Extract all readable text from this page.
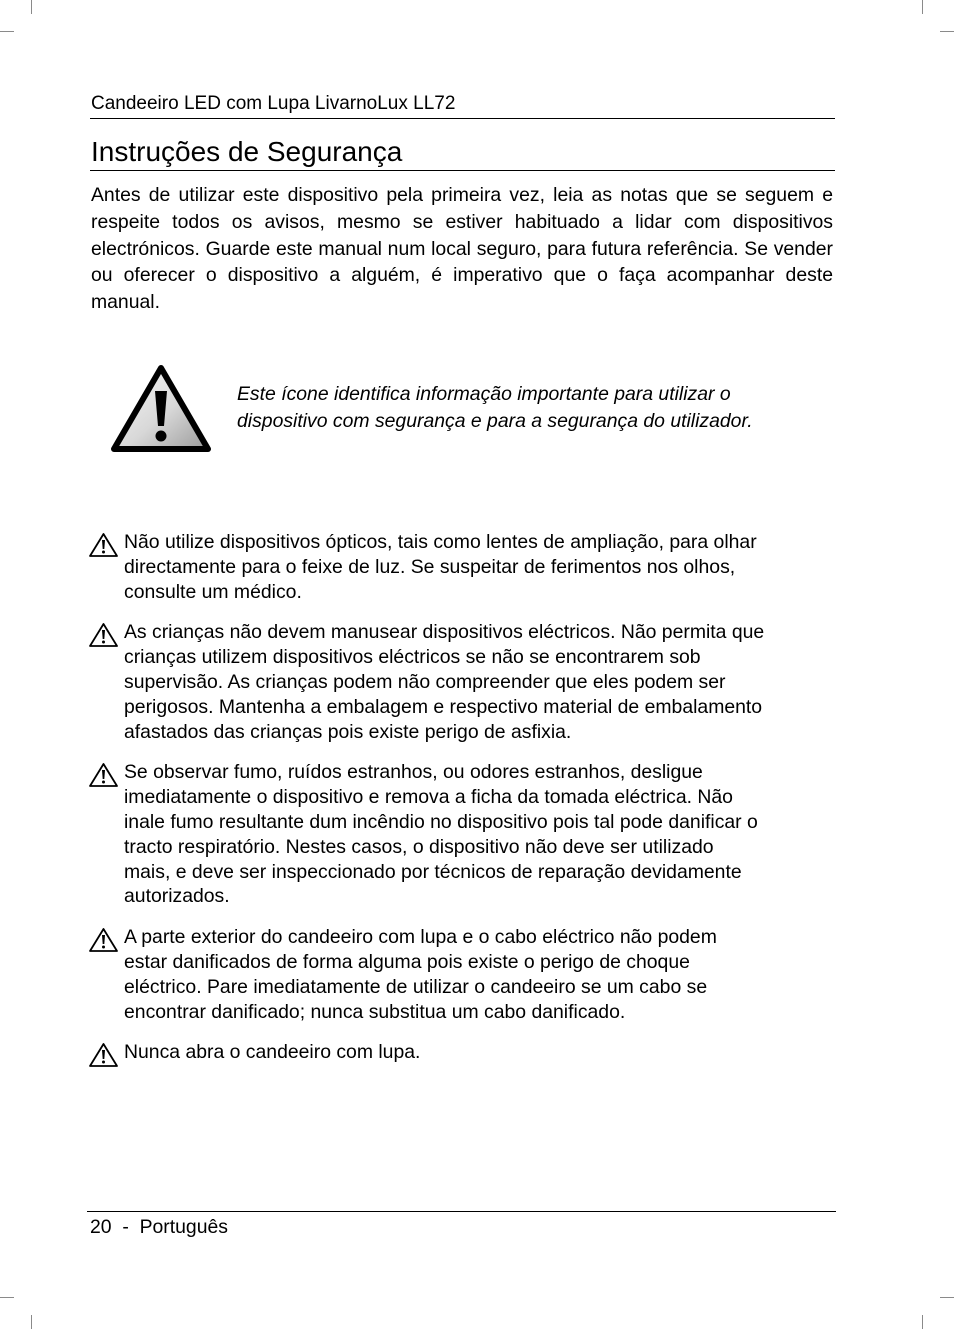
Candeeiro LED com Lupa LivarnoLux LL72
Instruções de Segurança

Antes de utilizar este dispositivo pela primeira vez, leia as notas que se seguem e respeite todos os avisos, mesmo se estiver habituado a lidar com dispositivos electrónicos. Guarde este manual num local seguro, para futura referência. Se vender ou oferecer o dispositivo a alguém, é imperativo que o faça acompanhar deste manual.

Este ícone identifica informação importante para utilizar o
dispositivo com segurança e para a segurança do utilizador.

Não utilize dispositivos ópticos, tais como lentes de ampliação, para olhar
directamente para o feixe de luz. Se suspeitar de ferimentos nos olhos,
consulte um médico.
As crianças não devem manusear dispositivos eléctricos. Não permita que
crianças utilizem dispositivos eléctricos se não se encontrarem sob
supervisão. As crianças podem não compreender que eles podem ser
perigosos. Mantenha a embalagem e respectivo material de embalamento
afastados das crianças pois existe perigo de asfixia.
Se observar fumo, ruídos estranhos, ou odores estranhos, desligue
imediatamente o dispositivo e remova a ficha da tomada eléctrica. Não
inale fumo resultante dum incêndio no dispositivo pois tal pode danificar o
tracto respiratório. Nestes casos, o dispositivo não deve ser utilizado
mais, e deve ser inspeccionado por técnicos de reparação devidamente
autorizados.
A parte exterior do candeeiro com lupa e o cabo eléctrico não podem
estar danificados de forma alguma pois existe o perigo de choque
eléctrico. Pare imediatamente de utilizar o candeeiro se um cabo se
encontrar danificado; nunca substitua um cabo danificado.
Nunca abra o candeeiro com lupa.
20  -  Português
